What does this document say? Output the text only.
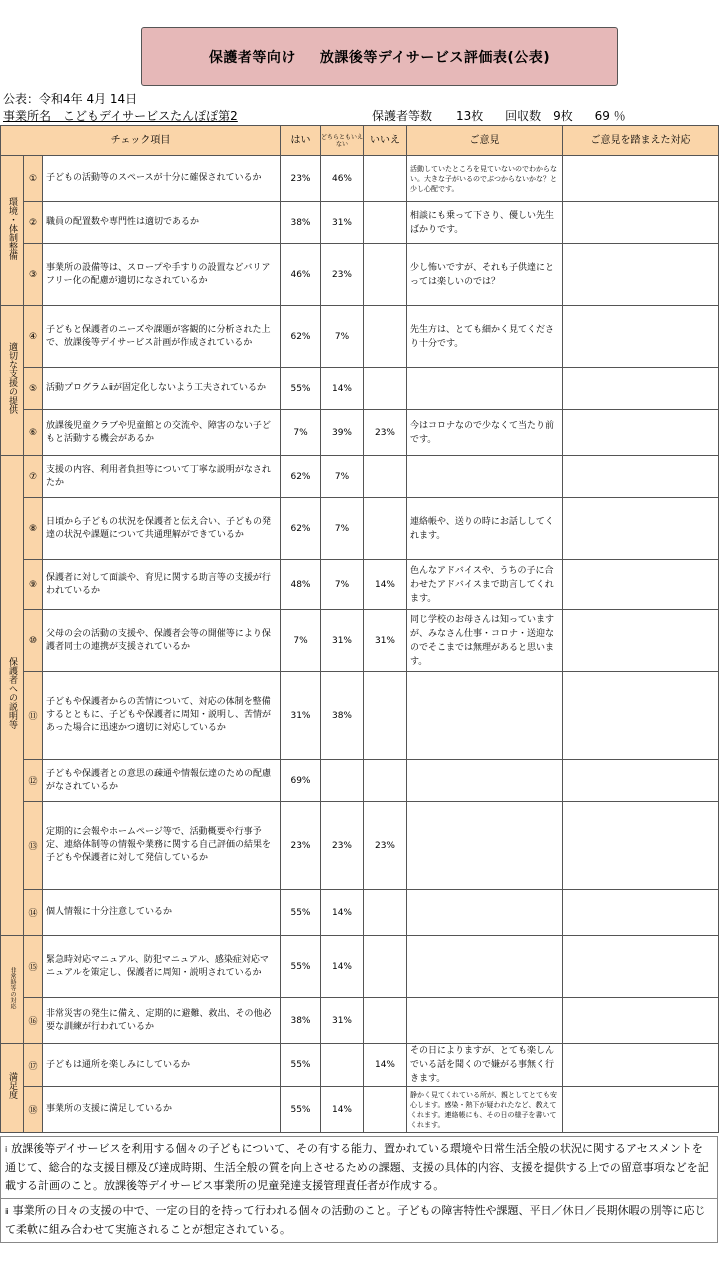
保護者等向け 放課後等デイサービス評価表(公表)
公表：令和4年 4月 14日
事業所名　こどもデイサービスたんぽぽ第2	保護者等数　　13枚 回収数　9枚 69 ％
チェック項目			はい	どちらともいえない	いいえ	ご意見	ご意見を踏まえた対応
環境・体制整備	①	子どもの活動等のスペースが十分に確保されているか	23%	46%		活動していたところを見ていないのでわからない。大きな子がいるのでぶつからないかな？と少し心配です。	
	②	職員の配置数や専門性は適切であるか	38%	31%		相談にも乗って下さり、優しい先生ばかりです。	
	③	事業所の設備等は、スロープや手すりの設置などバリアフリー化の配慮が適切になされているか	46%	23%		少し怖いですが、それも子供達にとっては楽しいのでは？	
適切な支援の提供	④	子どもと保護者のニーズや課題が客観的に分析された上で、放課後等デイサービス計画が作成されているか	62%	7%		先生方は、とても細かく見てくださり十分です。	
	⑤	活動プログラムⅱが固定化しないよう工夫されているか	55%	14%			
	⑥	放課後児童クラブや児童館との交流や、障害のない子どもと活動する機会があるか	7%	39%	23%	今はコロナなので少なくて当たり前です。	
保護者への説明等	⑦	支援の内容、利用者負担等について丁寧な説明がなされたか	62%	7%			
	⑧	日頃から子どもの状況を保護者と伝え合い、子どもの発達の状況や課題について共通理解ができているか	62%	7%		連絡帳や、送りの時にお話ししてくれます。	
	⑨	保護者に対して面談や、育児に関する助言等の支援が行われているか	48%	7%	14%	色んなアドバイスや、うちの子に合わせたアドバイスまで助言してくれます。	
	⑩	父母の会の活動の支援や、保護者会等の開催等により保護者同士の連携が支援されているか	7%	31%	31%	同じ学校のお母さんは知っていますが、みなさん仕事・コロナ・送迎なのでそこまでは無理があると思います。	
	⑪	子どもや保護者からの苦情について、対応の体制を整備するとともに、子どもや保護者に周知・説明し、苦情があった場合に迅速かつ適切に対応しているか	31%	38%			
	⑫	子どもや保護者との意思の疎通や情報伝達のための配慮がなされているか	69%				
	⑬	定期的に会報やホームページ等で、活動概要や行事予定、連絡体制等の情報や業務に関する自己評価の結果を子どもや保護者に対して発信しているか	23%	23%	23%		
	⑭	個人情報に十分注意しているか	55%	14%			
非常時等の対応	⑮	緊急時対応マニュアル、防犯マニュアル、感染症対応マニュアルを策定し、保護者に周知・説明されているか	55%	14%			
	⑯	非常災害の発生に備え、定期的に避難、救出、その他必要な訓練が行われているか	38%	31%			
満足度	⑰	子どもは通所を楽しみにしているか	55%		14%	その日によりますが、とても楽しんでいる話を聞くので嫌がる事無く行きます。	
	⑱	事業所の支援に満足しているか	55%	14%		静かく見てくれている所が、親としてとても安心します。感染・熱下が疑われたなど、教えてくれます。連絡帳にも、その日の様子を書いてくれます。	
ⅰ 放課後等デイサービスを利用する個々の子どもについて、その有する能力、置かれている環境や日常生活全般の状況に関するアセスメントを通じて、総合的な支援目標及び達成時期、生活全般の質を向上させるための課題、支援の具体的内容、支援を提供する上での留意事項などを記載する計画のこと。放課後等デイサービス事業所の児童発達支援管理責任者が作成する。
ⅱ 事業所の日々の支援の中で、一定の目的を持って行われる個々の活動のこと。子どもの障害特性や課題、平日／休日／長期休暇の別等に応じて柔軟に組み合わせて実施されることが想定されている。
